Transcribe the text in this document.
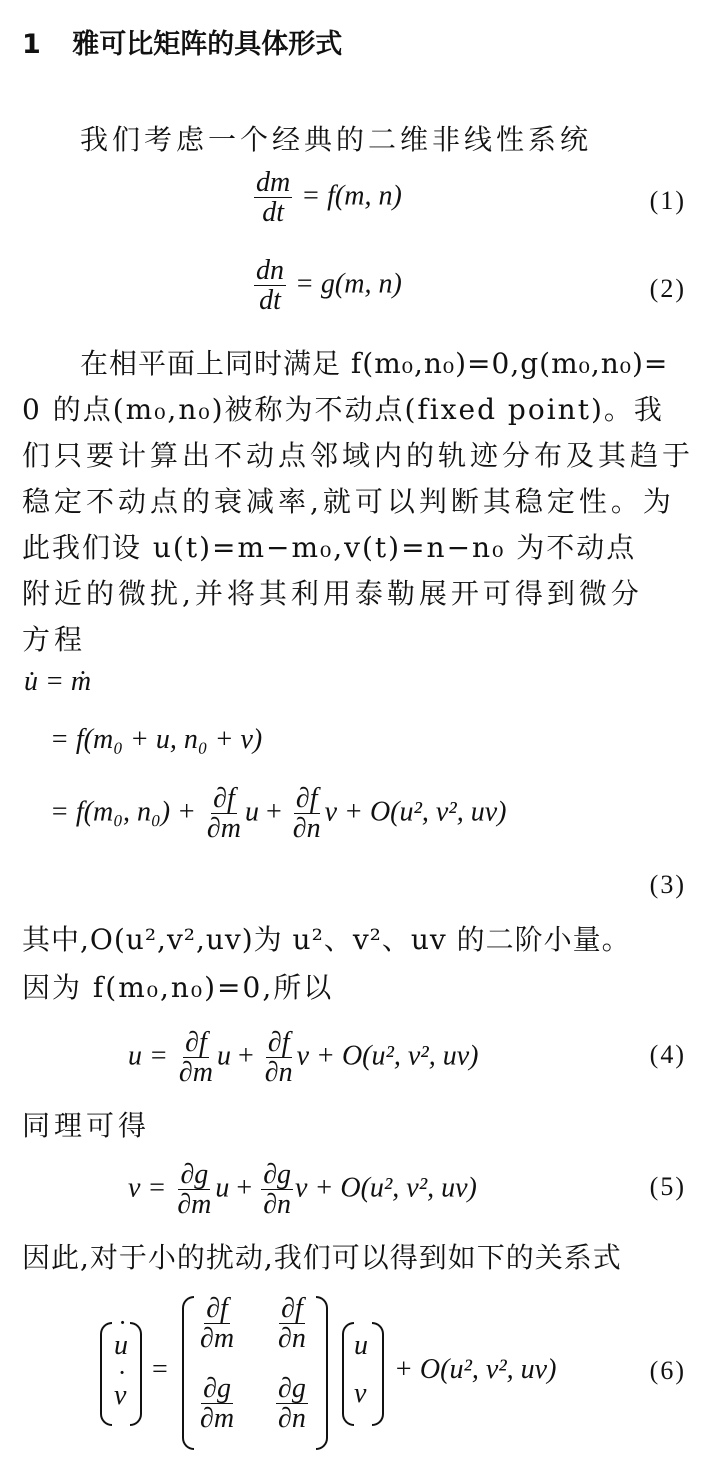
1 雅可比矩阵的具体形式
我们考虑一个经典的二维非线性系统
$\frac{dm}{dt} = f(m$, n)	(1)
$\frac{dn}{dt} = g(m$, n)	(2)
在相平面上同时满足 f(m₀,n₀)=0,g(m₀,n₀)=
0 的点(m₀,n₀)被称为不动点(fixed point)。我
们只要计算出不动点邻域内的轨迹分布及其趋于
稳定不动点的衰减率,就可以判断其稳定性。为
此我们设 u(t)=m−m₀,v(t)=n−n₀ 为不动点
附近的微扰,并将其利用泰勒展开可得到微分
方程
u̇ = ṁ
= f(m₀ + u, n₀ + v)
= f(m₀, $n_0) + \frac{\partial f}{\partial m}$ $u + \frac{\partial f}{\partial n}$ v + O(u², v², uv)
(3)
其中,O(u²,v²,uv)为 u²、v²、uv 的二阶小量。
因为 f(m₀,n₀)=0,所以
$u = \frac{\partial f}{\partial m}$ $u + \frac{\partial f}{\partial n}$ v + O(u², v², uv)	(4)
同理可得
$v = \frac{\partial g}{\partial m}$ $u + \frac{\partial g}{\partial n}$ v + O(u², v², uv)	(5)
因此,对于小的扰动,我们可以得到如下的关系式
u ·
v ·
=
$\frac{\partial f}{\partial m} \frac{\partial f}{\partial n}$
$\frac{\partial g}{\partial m} \frac{\partial g}{\partial n}$
u
v
+ O(u², v², uv)	(6)
